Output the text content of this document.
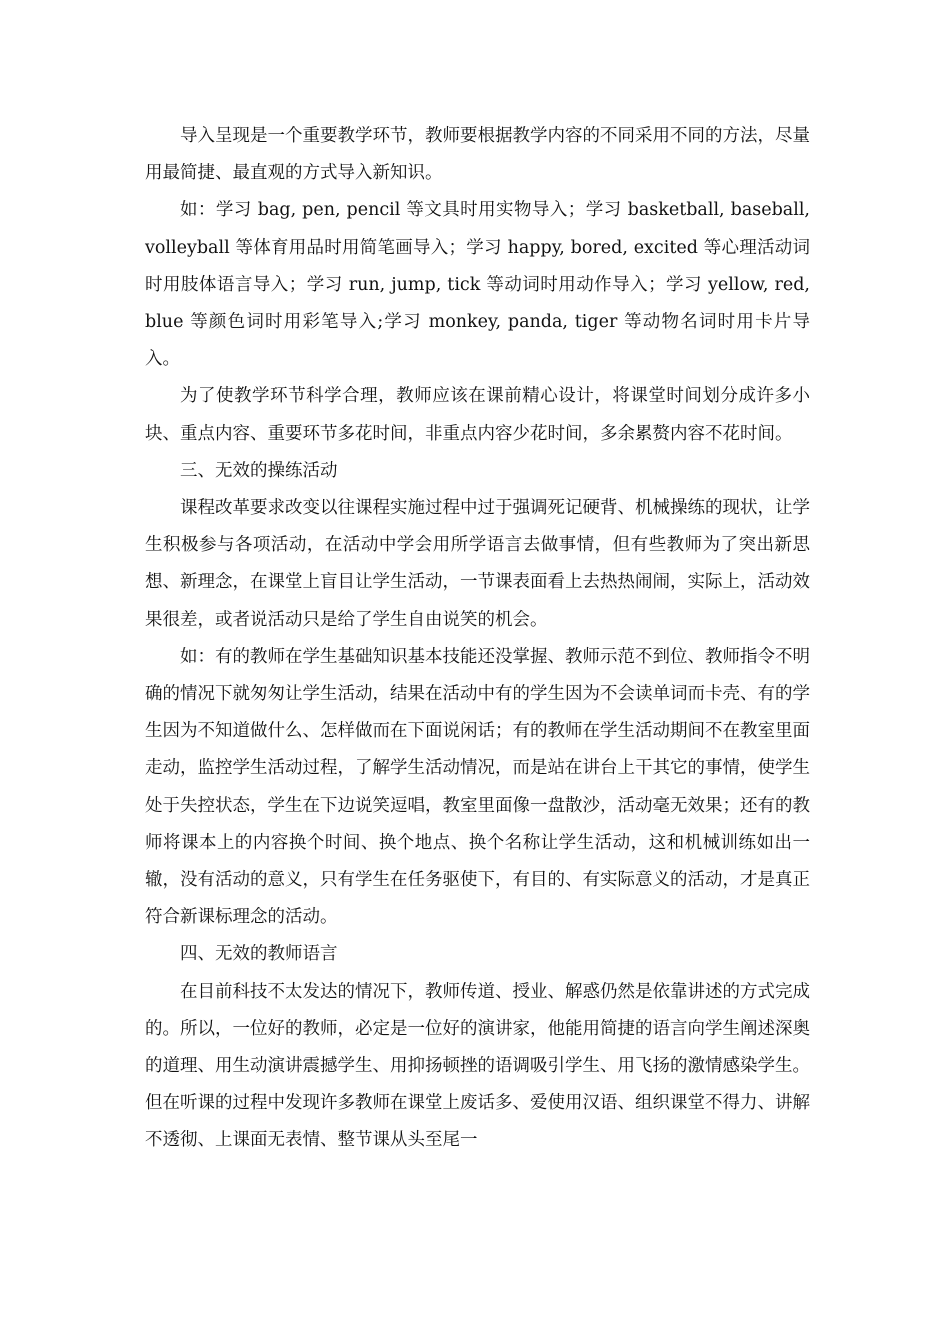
导入呈现是一个重要教学环节，教师要根据教学内容的不同采用不同的方法，尽量用最简捷、最直观的方式导入新知识。

如：学习 bag, pen, pencil 等文具时用实物导入；学习 basketball, baseball, volleyball 等体育用品时用简笔画导入；学习 happy, bored, excited 等心理活动词时用肢体语言导入；学习 run, jump, tick 等动词时用动作导入；学习 yellow, red, blue 等颜色词时用彩笔导入;学习 monkey, panda, tiger 等动物名词时用卡片导入。

为了使教学环节科学合理，教师应该在课前精心设计，将课堂时间划分成许多小块、重点内容、重要环节多花时间，非重点内容少花时间，多余累赘内容不花时间。

三、无效的操练活动

课程改革要求改变以往课程实施过程中过于强调死记硬背、机械操练的现状，让学生积极参与各项活动，在活动中学会用所学语言去做事情，但有些教师为了突出新思想、新理念，在课堂上盲目让学生活动，一节课表面看上去热热闹闹，实际上，活动效果很差，或者说活动只是给了学生自由说笑的机会。

如：有的教师在学生基础知识基本技能还没掌握、教师示范不到位、教师指令不明确的情况下就匆匆让学生活动，结果在活动中有的学生因为不会读单词而卡壳、有的学生因为不知道做什么、怎样做而在下面说闲话；有的教师在学生活动期间不在教室里面走动，监控学生活动过程，了解学生活动情况，而是站在讲台上干其它的事情，使学生处于失控状态，学生在下边说笑逗唱，教室里面像一盘散沙，活动毫无效果；还有的教师将课本上的内容换个时间、换个地点、换个名称让学生活动，这和机械训练如出一辙，没有活动的意义，只有学生在任务驱使下，有目的、有实际意义的活动，才是真正符合新课标理念的活动。

四、无效的教师语言

在目前科技不太发达的情况下，教师传道、授业、解惑仍然是依靠讲述的方式完成的。所以，一位好的教师，必定是一位好的演讲家，他能用简捷的语言向学生阐述深奥的道理、用生动演讲震撼学生、用抑扬顿挫的语调吸引学生、用飞扬的激情感染学生。但在听课的过程中发现许多教师在课堂上废话多、爱使用汉语、组织课堂不得力、讲解不透彻、上课面无表情、整节课从头至尾一
